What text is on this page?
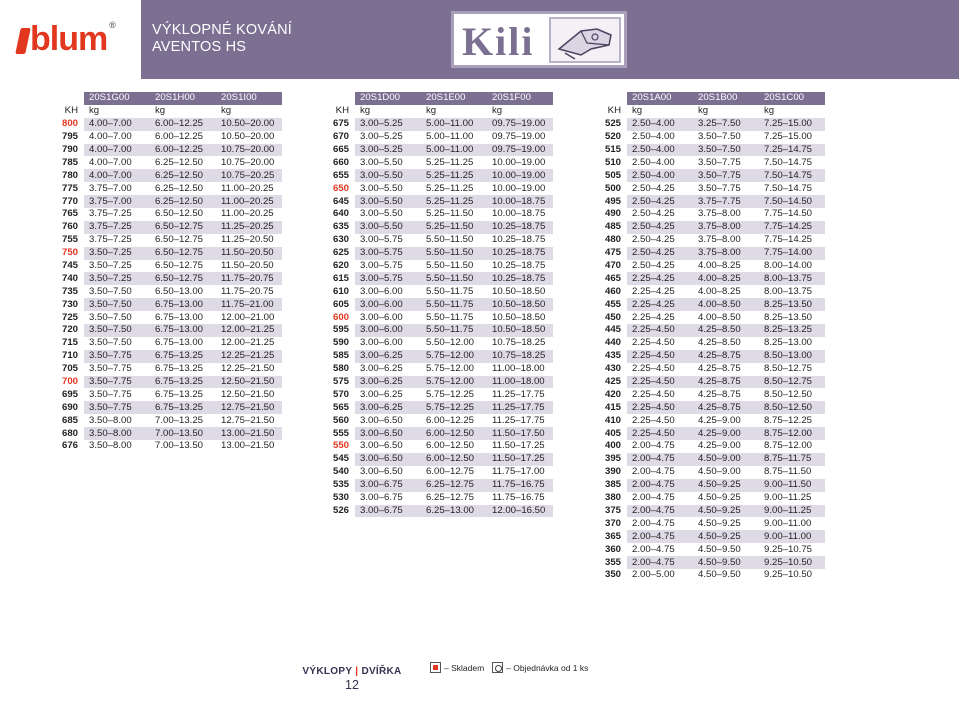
blum ®	VÝKLOPNÉ KOVÁNÍ
AVENTOS HS	Kili
	20S1G00	20S1H00	20S1I00
KH	kg	kg	kg
800	4.00–7.00	6.00–12.25	10.50–20.00
795	4.00–7.00	6.00–12.25	10.50–20.00
790	4.00–7.00	6.00–12.25	10.75–20.00
785	4.00–7.00	6.25–12.50	10.75–20.00
780	4.00–7.00	6.25–12.50	10.75–20.25
775	3.75–7.00	6.25–12.50	11.00–20.25
770	3.75–7.00	6.25–12.50	11.00–20.25
765	3.75–7.25	6.50–12.50	11.00–20.25
760	3.75–7.25	6.50–12.75	11.25–20.25
755	3.75–7.25	6.50–12.75	11.25–20.50
750	3.50–7.25	6.50–12.75	11.50–20.50
745	3.50–7.25	6.50–12.75	11.50–20.50
740	3.50–7.25	6.50–12.75	11.75–20.75
735	3.50–7.50	6.50–13.00	11.75–20.75
730	3.50–7.50	6.75–13.00	11.75–21.00
725	3.50–7.50	6.75–13.00	12.00–21.00
720	3.50–7.50	6.75–13.00	12.00–21.25
715	3.50–7.50	6.75–13.00	12.00–21.25
710	3.50–7.75	6.75–13.25	12.25–21.25
705	3.50–7.75	6.75–13.25	12.25–21.50
700	3.50–7.75	6.75–13.25	12.50–21.50
695	3.50–7.75	6.75–13.25	12.50–21.50
690	3.50–7.75	6.75–13.25	12.75–21.50
685	3.50–8.00	7.00–13.25	12.75–21.50
680	3.50–8.00	7.00–13.50	13.00–21.50
676	3.50–8.00	7.00–13.50	13.00–21.50
	20S1D00	20S1E00	20S1F00
KH	kg	kg	kg
675	3.00–5.25	5.00–11.00	09.75–19.00
670	3.00–5.25	5.00–11.00	09.75–19.00
665	3.00–5.25	5.00–11.00	09.75–19.00
660	3.00–5.50	5.25–11.25	10.00–19.00
655	3.00–5.50	5.25–11.25	10.00–19.00
650	3.00–5.50	5.25–11.25	10.00–19.00
645	3.00–5.50	5.25–11.25	10.00–18.75
640	3.00–5.50	5.25–11.50	10.00–18.75
635	3.00–5.50	5.25–11.50	10.25–18.75
630	3.00–5.75	5.50–11.50	10.25–18.75
625	3.00–5.75	5.50–11.50	10.25–18.75
620	3.00–5.75	5.50–11.50	10.25–18.75
615	3.00–5.75	5.50–11.50	10.25–18.75
610	3.00–6.00	5.50–11.75	10.50–18.50
605	3.00–6.00	5.50–11.75	10.50–18.50
600	3.00–6.00	5.50–11.75	10.50–18.50
595	3.00–6.00	5.50–11.75	10.50–18.50
590	3.00–6.00	5.50–12.00	10.75–18.25
585	3.00–6.25	5.75–12.00	10.75–18.25
580	3.00–6.25	5.75–12.00	11.00–18.00
575	3.00–6.25	5.75–12.00	11.00–18.00
570	3.00–6.25	5.75–12.25	11.25–17.75
565	3.00–6.25	5.75–12.25	11.25–17.75
560	3.00–6.50	6.00–12.25	11.25–17.75
555	3.00–6.50	6.00–12.50	11.50–17.50
550	3.00–6.50	6.00–12.50	11.50–17.25
545	3.00–6.50	6.00–12.50	11.50–17.25
540	3.00–6.50	6.00–12.75	11.75–17.00
535	3.00–6.75	6.25–12.75	11.75–16.75
530	3.00–6.75	6.25–12.75	11.75–16.75
526	3.00–6.75	6.25–13.00	12.00–16.50
	20S1A00	20S1B00	20S1C00
KH	kg	kg	kg
525	2.50–4.00	3.25–7.50	7.25–15.00
520	2.50–4.00	3.50–7.50	7.25–15.00
515	2.50–4.00	3.50–7.50	7.25–14.75
510	2.50–4.00	3.50–7.75	7.50–14.75
505	2.50–4.00	3.50–7.75	7.50–14.75
500	2.50–4.25	3.50–7.75	7.50–14.75
495	2.50–4.25	3.75–7.75	7.50–14.50
490	2.50–4.25	3.75–8.00	7.75–14.50
485	2.50–4.25	3.75–8.00	7.75–14.25
480	2.50–4.25	3.75–8.00	7.75–14.25
475	2.50–4.25	3.75–8.00	7.75–14.00
470	2.50–4.25	4.00–8.25	8.00–14.00
465	2.25–4.25	4.00–8.25	8.00–13.75
460	2.25–4.25	4.00–8.25	8.00–13.75
455	2.25–4.25	4.00–8.50	8.25–13.50
450	2.25–4.25	4.00–8.50	8.25–13.50
445	2.25–4.50	4.25–8.50	8.25–13.25
440	2.25–4.50	4.25–8.50	8.25–13.00
435	2.25–4.50	4.25–8.75	8.50–13.00
430	2.25–4.50	4.25–8.75	8.50–12.75
425	2.25–4.50	4.25–8.75	8.50–12.75
420	2.25–4.50	4.25–8.75	8.50–12.50
415	2.25–4.50	4.25–8.75	8.50–12.50
410	2.25–4.50	4.25–9.00	8.75–12.25
405	2.25–4.50	4.25–9.00	8.75–12.00
400	2.00–4.75	4.25–9.00	8.75–12.00
395	2.00–4.75	4.50–9.00	8.75–11.75
390	2.00–4.75	4.50–9.00	8.75–11.50
385	2.00–4.75	4.50–9.25	9.00–11.50
380	2.00–4.75	4.50–9.25	9.00–11.25
375	2.00–4.75	4.50–9.25	9.00–11.25
370	2.00–4.75	4.50–9.25	9.00–11.00
365	2.00–4.75	4.50–9.25	9.00–11.00
360	2.00–4.75	4.50–9.50	9.25–10.75
355	2.00–4.75	4.50–9.50	9.25–10.50
350	2.00–5.00	4.50–9.50	9.25–10.50
VÝKLOPY | DVÍŘKA
12
– Skladem	– Objednávka od 1 ks
